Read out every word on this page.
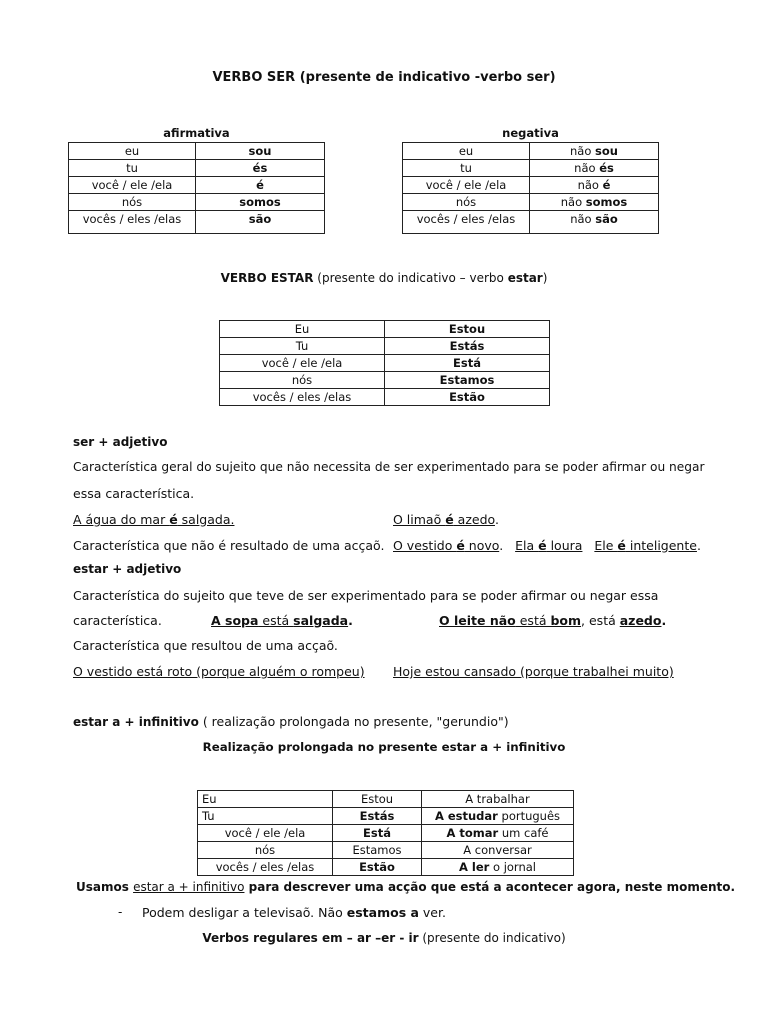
VERBO SER (presente de indicativo -verbo ser)
afirmativa
eu	sou
tu	és
você / ele /ela	é
nós	somos
vocês / eles /elas	são
negativa
eu	não sou
tu	não és
você / ele /ela	não é
nós	não somos
vocês / eles /elas	não são
VERBO ESTAR (presente do indicativo – verbo estar)
Eu	Estou
Tu	Estás
você / ele /ela	Está
nós	Estamos
vocês / eles /elas	Estão
ser + adjetivo
Característica geral do sujeito que não necessita de ser experimentado para se poder afirmar ou negar
essa característica.
A água do mar é salgada.	O limaõ é azedo.
Característica que não é resultado de uma acçaõ. O vestido é novo.   Ela é loura Ele é inteligente.
estar + adjetivo
Característica do sujeito que teve de ser experimentado para se poder afirmar ou negar essa
característica.	A sopa está salgada.	O leite não está bom, está azedo.
Característica que resultou de uma acçaõ.
O vestido está roto (porque alguém o rompeu) Hoje estou cansado (porque trabalhei muito)
estar a + infinitivo ( realização prolongada no presente, "gerundio")
Realização prolongada no presente estar a + infinitivo
Eu	Estou	A trabalhar
Tu	Estás	A estudar português
você / ele /ela	Está	A tomar um café
nós	Estamos	A conversar
vocês / eles /elas	Estão	A ler o jornal
Usamos estar a + infinitivo para descrever uma acção que está a acontecer agora, neste momento.
- Podem desligar a televisaõ. Não estamos a ver.
Verbos regulares em – ar –er - ir (presente do indicativo)
